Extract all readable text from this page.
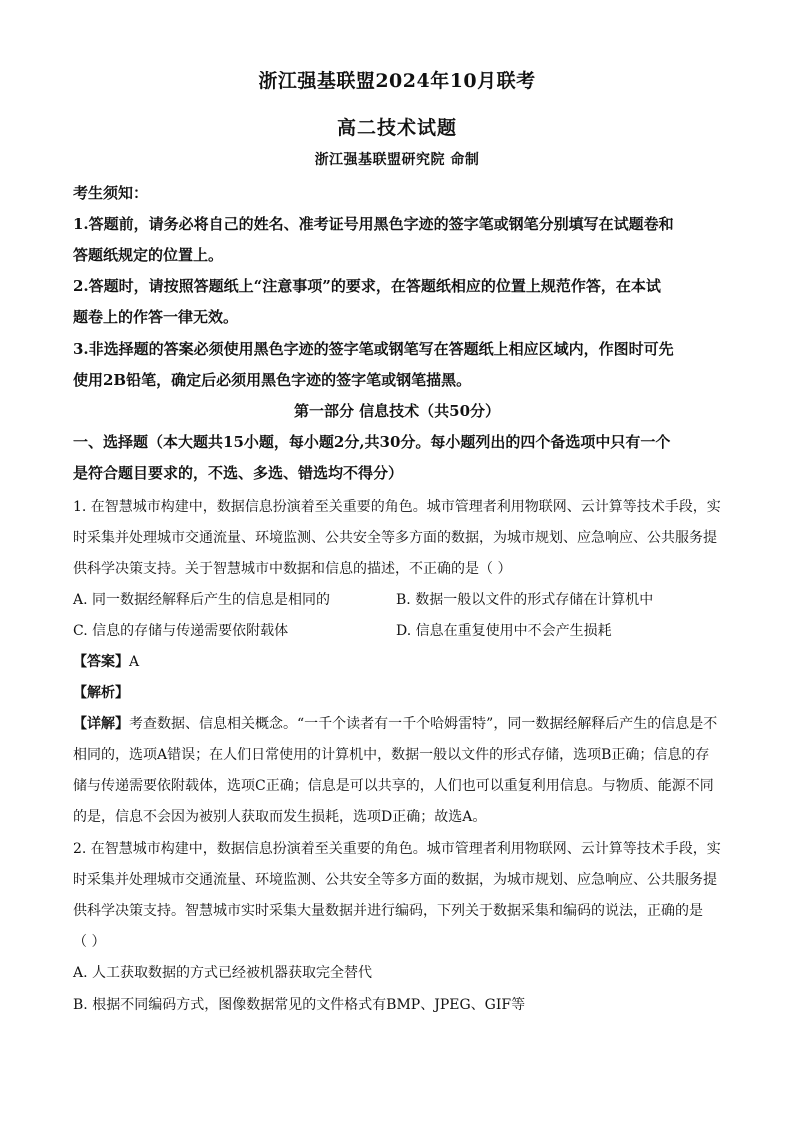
浙江强基联盟2024年10月联考
高二技术试题
浙江强基联盟研究院 命制
考生须知：
1.答题前，请务必将自己的姓名、准考证号用黑色字迹的签字笔或钢笔分别填写在试题卷和
答题纸规定的位置上。
2.答题时，请按照答题纸上“注意事项”的要求，在答题纸相应的位置上规范作答，在本试
题卷上的作答一律无效。
3.非选择题的答案必须使用黑色字迹的签字笔或钢笔写在答题纸上相应区域内，作图时可先
使用2B铅笔，确定后必须用黑色字迹的签字笔或钢笔描黑。
第一部分 信息技术（共50分）
一、选择题（本大题共15小题，每小题2分,共30分。每小题列出的四个备选项中只有一个
是符合题目要求的，不选、多选、错选均不得分）
1. 在智慧城市构建中，数据信息扮演着至关重要的角色。城市管理者利用物联网、云计算等技术手段，实
时采集并处理城市交通流量、环境监测、公共安全等多方面的数据，为城市规划、应急响应、公共服务提
供科学决策支持。关于智慧城市中数据和信息的描述，不正确的是（ ）
A. 同一数据经解释后产生的信息是相同的	B. 数据一般以文件的形式存储在计算机中
C. 信息的存储与传递需要依附载体	D. 信息在重复使用中不会产生损耗
【答案】A
【解析】
【详解】考查数据、信息相关概念。“一千个读者有一千个哈姆雷特”，同一数据经解释后产生的信息是不
相同的，选项A错误；在人们日常使用的计算机中，数据一般以文件的形式存储，选项B正确；信息的存
储与传递需要依附载体，选项C正确；信息是可以共享的，人们也可以重复利用信息。与物质、能源不同
的是，信息不会因为被别人获取而发生损耗，选项D正确；故选A。
2. 在智慧城市构建中，数据信息扮演着至关重要的角色。城市管理者利用物联网、云计算等技术手段，实
时采集并处理城市交通流量、环境监测、公共安全等多方面的数据，为城市规划、应急响应、公共服务提
供科学决策支持。智慧城市实时采集大量数据并进行编码，下列关于数据采集和编码的说法，正确的是
（ ）
A. 人工获取数据的方式已经被机器获取完全替代
B. 根据不同编码方式，图像数据常见的文件格式有BMP、JPEG、GIF等
